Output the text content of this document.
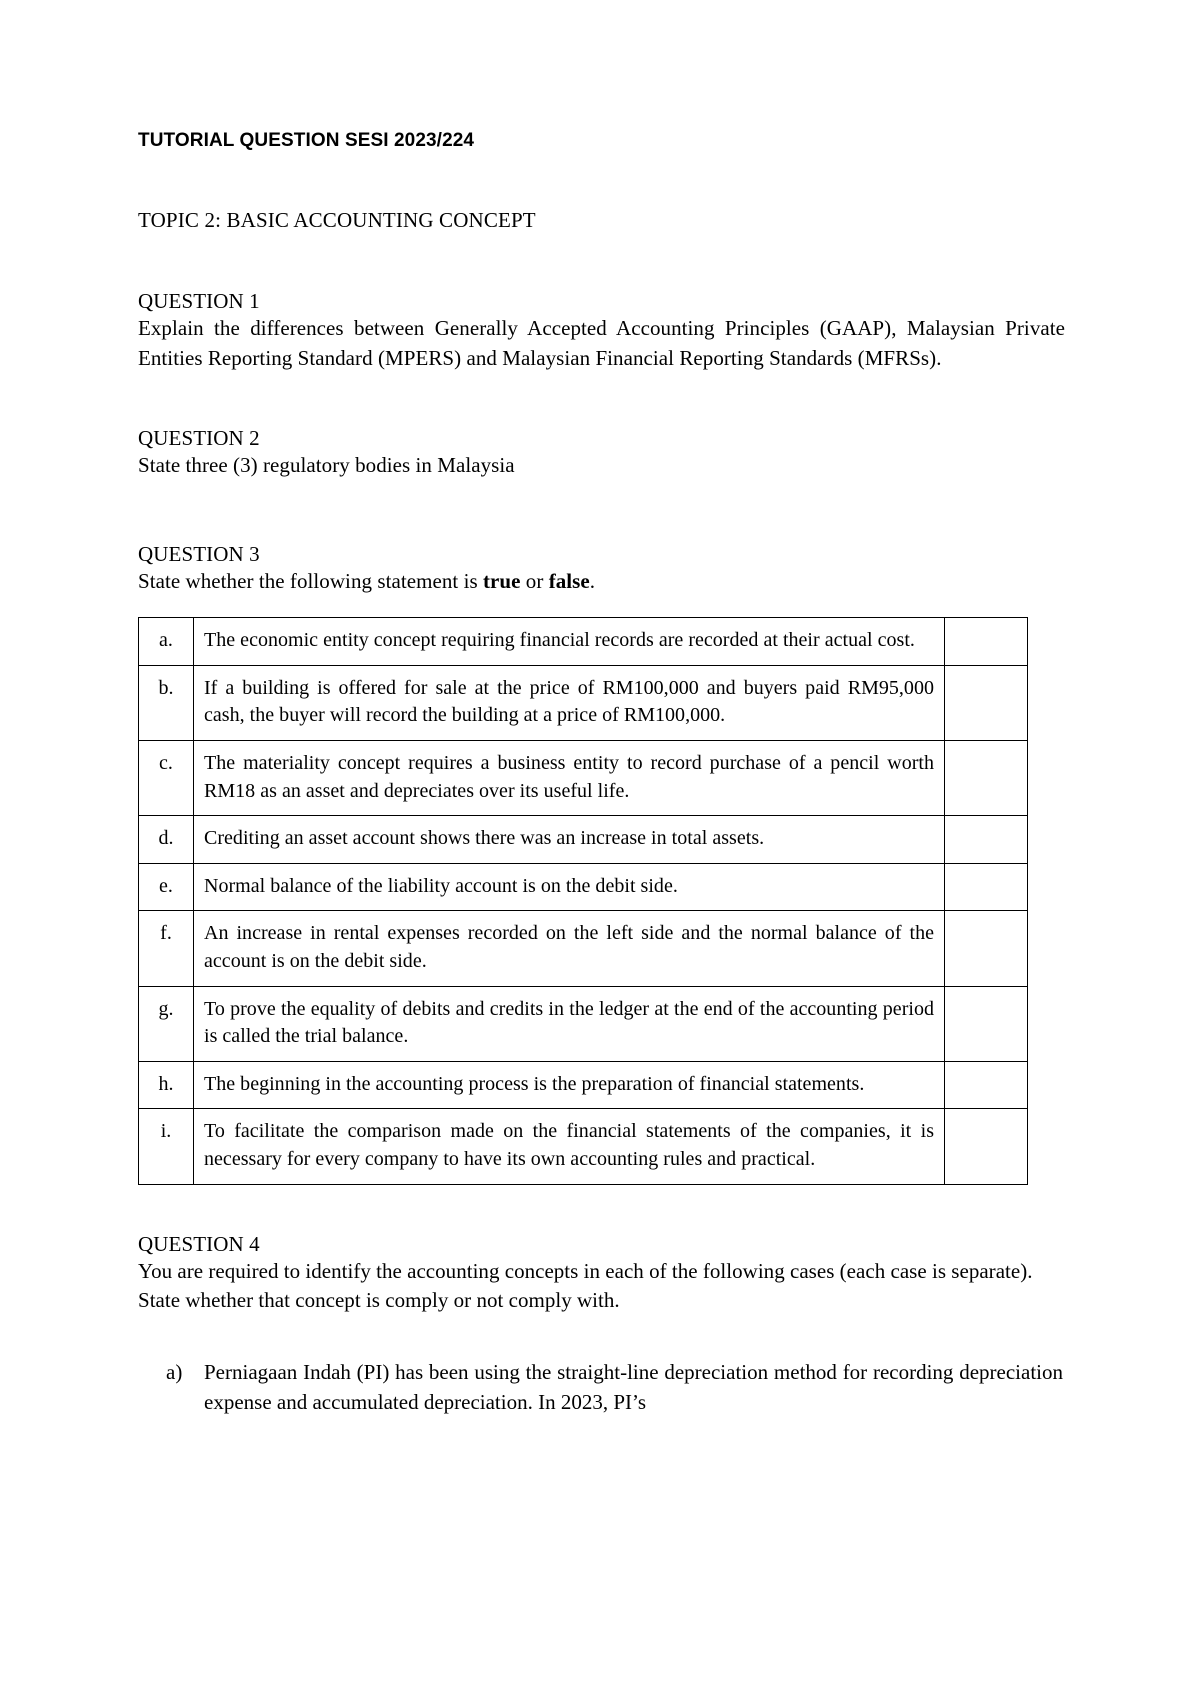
TUTORIAL QUESTION SESI 2023/224
TOPIC 2: BASIC ACCOUNTING CONCEPT
QUESTION 1
Explain the differences between Generally Accepted Accounting Principles (GAAP), Malaysian Private Entities Reporting Standard (MPERS) and Malaysian Financial Reporting Standards (MFRSs).
QUESTION 2
State three (3) regulatory bodies in Malaysia
QUESTION 3
State whether the following statement is true or false.
a.	The economic entity concept requiring financial records are recorded at their actual cost.	
b.	If a building is offered for sale at the price of RM100,000 and buyers paid RM95,000 cash, the buyer will record the building at a price of RM100,000.	
c.	The materiality concept requires a business entity to record purchase of a pencil worth RM18 as an asset and depreciates over its useful life.	
d.	Crediting an asset account shows there was an increase in total assets.	
e.	Normal balance of the liability account is on the debit side.	
f.	An increase in rental expenses recorded on the left side and the normal balance of the account is on the debit side.	
g.	To prove the equality of debits and credits in the ledger at the end of the accounting period is called the trial balance.	
h.	The beginning in the accounting process is the preparation of financial statements.	
i.	To facilitate the comparison made on the financial statements of the companies, it is necessary for every company to have its own accounting rules and practical.	
QUESTION 4
You are required to identify the accounting concepts in each of the following cases (each case is separate). State whether that concept is comply or not comply with.
a)	Perniagaan Indah (PI) has been using the straight-line depreciation method for recording depreciation expense and accumulated depreciation. In 2023, PI’s
